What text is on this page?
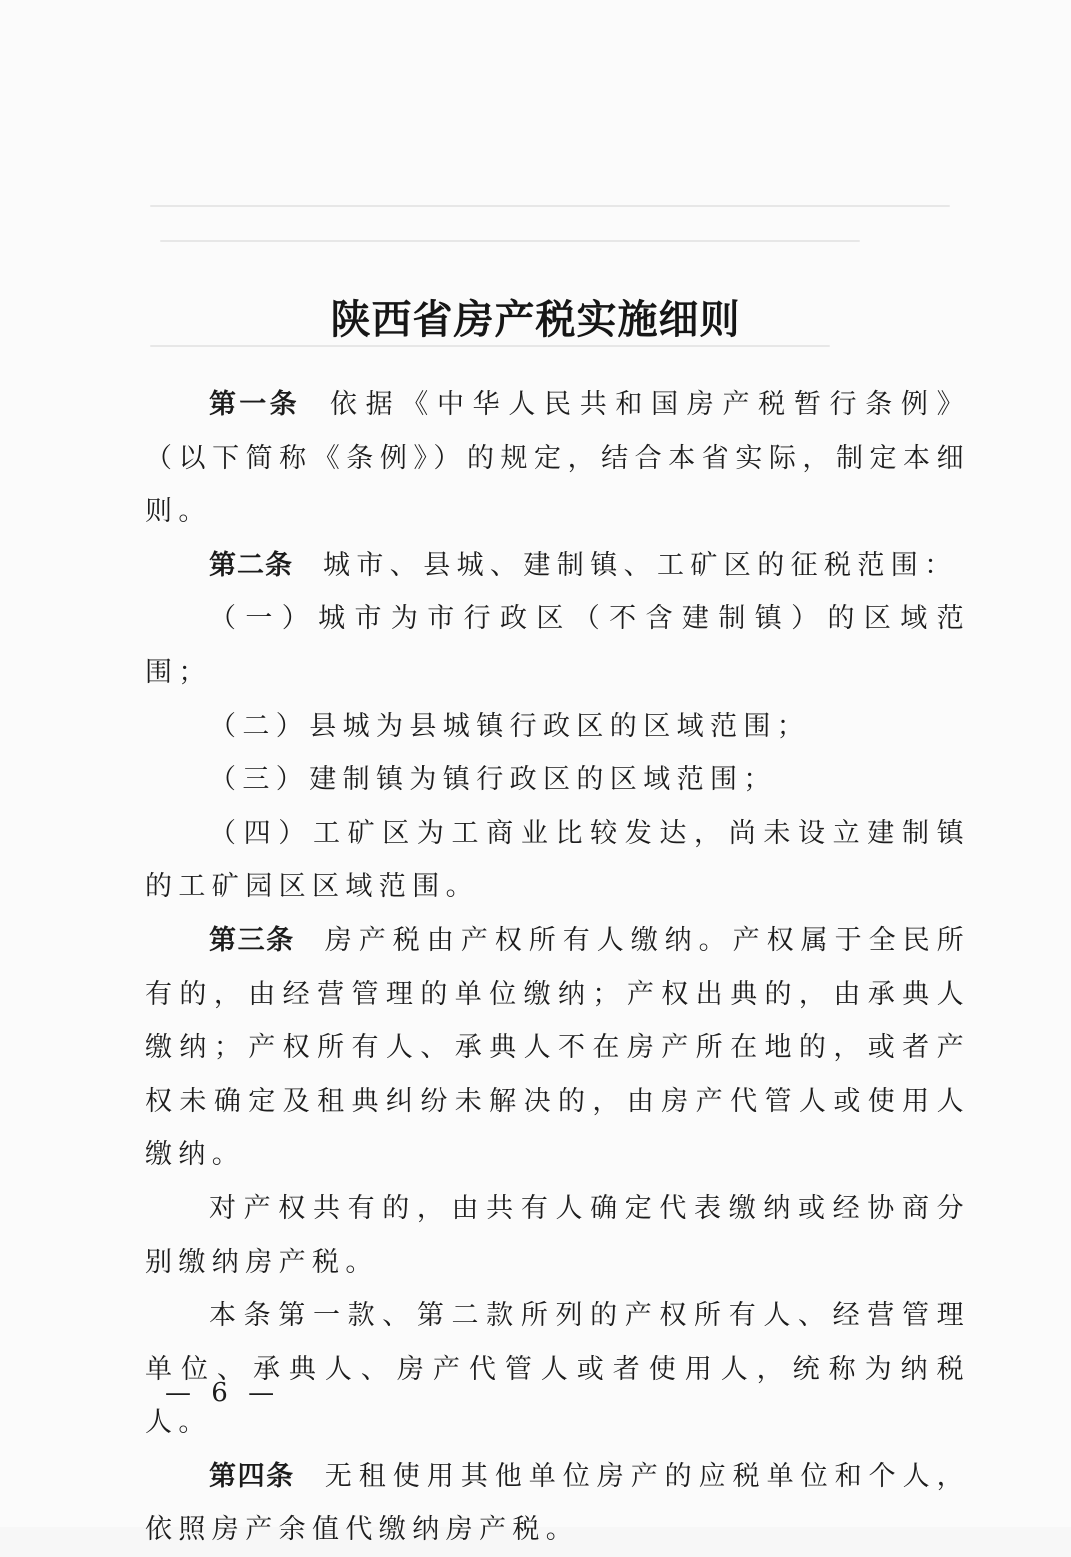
陕西省房产税实施细则

第一条 依据《中华人民共和国房产税暂行条例》（以下简称《条例》）的规定，结合本省实际，制定本细则。

第二条 城市、县城、建制镇、工矿区的征税范围：

（一）城市为市行政区（不含建制镇）的区域范围；

（二）县城为县城镇行政区的区域范围；

（三）建制镇为镇行政区的区域范围；

（四）工矿区为工商业比较发达，尚未设立建制镇的工矿园区区域范围。

第三条 房产税由产权所有人缴纳。产权属于全民所有的，由经营管理的单位缴纳；产权出典的，由承典人缴纳；产权所有人、承典人不在房产所在地的，或者产权未确定及租典纠纷未解决的，由房产代管人或使用人缴纳。

对产权共有的，由共有人确定代表缴纳或经协商分别缴纳房产税。

本条第一款、第二款所列的产权所有人、经营管理单位、承典人、房产代管人或者使用人，统称为纳税人。

第四条 无租使用其他单位房产的应税单位和个人，依照房产余值代缴纳房产税。

— 6 —
